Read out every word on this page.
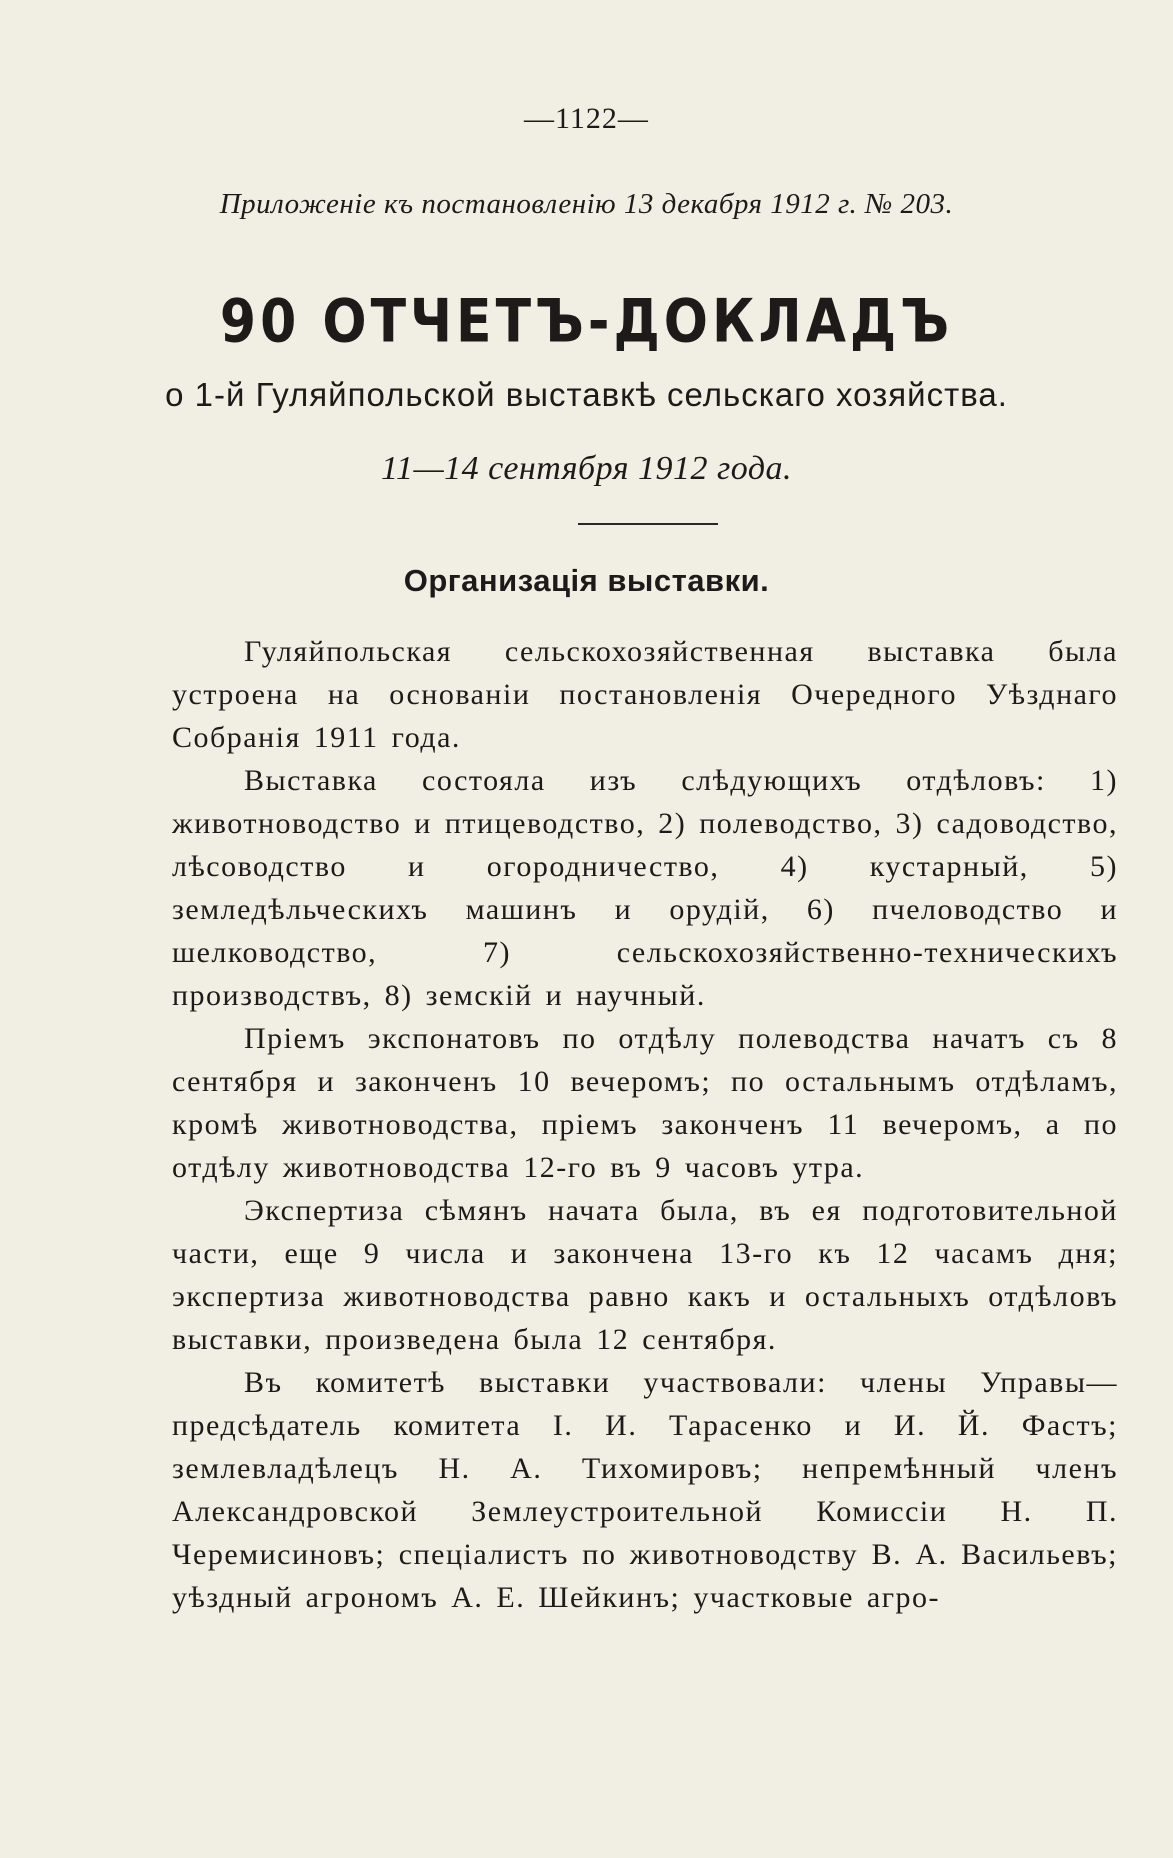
—1122—
Приложеніе къ постановленію 13 декабря 1912 г. № 203.
90 ОТЧЕТЪ-ДОКЛАДЪ
о 1-й Гуляйпольской выставкѣ сельскаго хозяйства.
11—14 сентября 1912 года.
Организація выставки.

Гуляйпольская сельскохозяйственная выставка была устроена на основаніи постановленія Очередного Уѣзднаго Собранія 1911 года.

Выставка состояла изъ слѣдующихъ отдѣловъ: 1) животноводство и птицеводство, 2) полеводство, 3) садоводство, лѣсоводство и огородничество, 4) кустарный, 5) земледѣльческихъ машинъ и орудій, 6) пчеловодство и шелководство, 7) сельскохозяйственно-техническихъ производствъ, 8) земскій и научный.

Пріемъ экспонатовъ по отдѣлу полеводства начатъ съ 8 сентября и законченъ 10 вечеромъ; по остальнымъ отдѣламъ, кромѣ животноводства, пріемъ законченъ 11 вечеромъ, а по отдѣлу животноводства 12-го въ 9 часовъ утра.

Экспертиза сѣмянъ начата была, въ ея подготовительной части, еще 9 числа и закончена 13-го къ 12 часамъ дня; экспертиза животноводства равно какъ и остальныхъ отдѣловъ выставки, произведена была 12 сентября.

Въ комитетѣ выставки участвовали: члены Управы—предсѣдатель комитета І. И. Тарасенко и И. Й. Фастъ; землевладѣлецъ Н. А. Тихомировъ; непремѣнный членъ Александровской Землеустроительной Комиссіи Н. П. Черемисиновъ; спеціалистъ по животноводству В. А. Васильевъ; уѣздный агрономъ А. Е. Шейкинъ; участковые агро-
